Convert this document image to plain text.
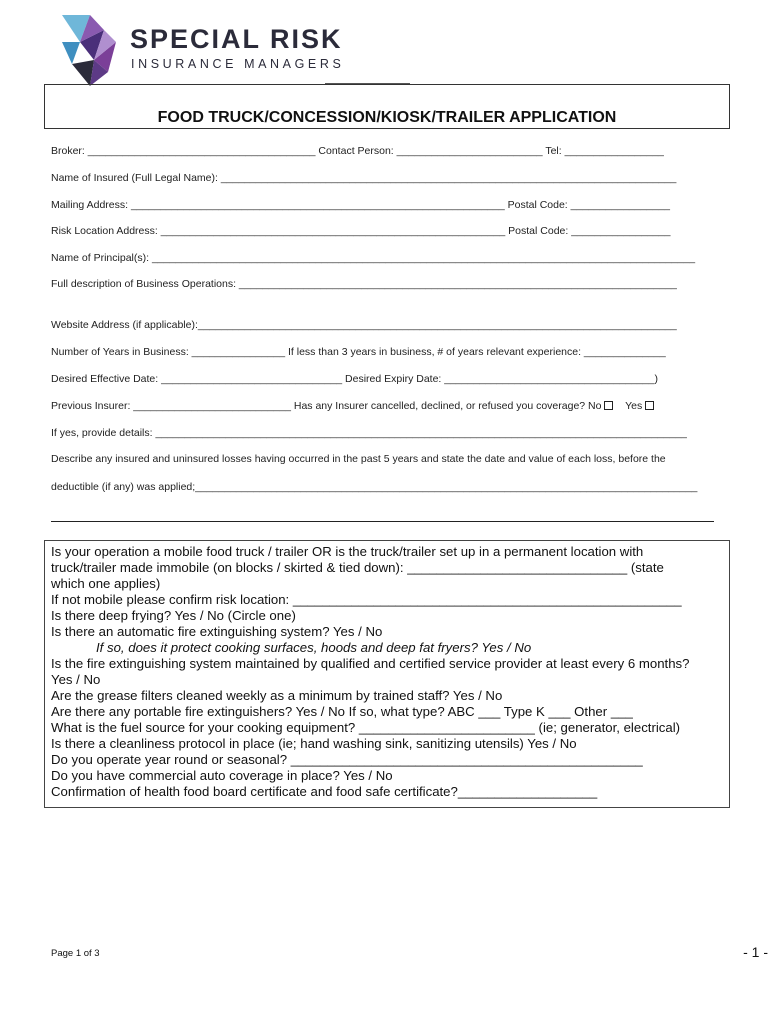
SPECIAL RISK
INSURANCE MANAGERS
FOOD TRUCK/CONCESSION/KIOSK/TRAILER APPLICATION
Broker: _______________________________________ Contact Person: _________________________ Tel: _________________
Name of Insured (Full Legal Name): ______________________________________________________________________________
Mailing Address: ________________________________________________________________ Postal Code: _________________
Risk Location Address: ___________________________________________________________ Postal Code: _________________
Name of Principal(s): _____________________________________________________________________________________________
Full description of Business Operations: ___________________________________________________________________________
Website Address (if applicable):__________________________________________________________________________________
Number of Years in Business: ________________ If less than 3 years in business, # of years relevant experience: ______________
Desired Effective Date: _______________________________ Desired Expiry Date: ____________________________________)
Previous Insurer: ___________________________ Has any Insurer cancelled, declined, or refused you coverage? No Yes
If yes, provide details: ___________________________________________________________________________________________
Describe any insured and uninsured losses having occurred in the past 5 years and state the date and value of each loss, before the
deductible (if any) was applied;______________________________________________________________________________________
Is your operation a mobile food truck / trailer OR is the truck/trailer set up in a permanent location with
truck/trailer made immobile (on blocks / skirted & tied down): ______________________________ (state
which one applies)
If not mobile please confirm risk location: _____________________________________________________
Is there deep frying? Yes / No (Circle one)
Is there an automatic fire extinguishing system? Yes / No
If so, does it protect cooking surfaces, hoods and deep fat fryers? Yes / No
Is the fire extinguishing system maintained by qualified and certified service provider at least every 6 months?
Yes / No
Are the grease filters cleaned weekly as a minimum by trained staff? Yes / No
Are there any portable fire extinguishers? Yes / No If so, what type? ABC ___ Type K ___ Other ___
What is the fuel source for your cooking equipment? ________________________ (ie; generator, electrical)
Is there a cleanliness protocol in place (ie; hand washing sink, sanitizing utensils) Yes / No
Do you operate year round or seasonal? ________________________________________________
Do you have commercial auto coverage in place? Yes / No
Confirmation of health food board certificate and food safe certificate?___________________
Page 1 of 3	- 1 -
